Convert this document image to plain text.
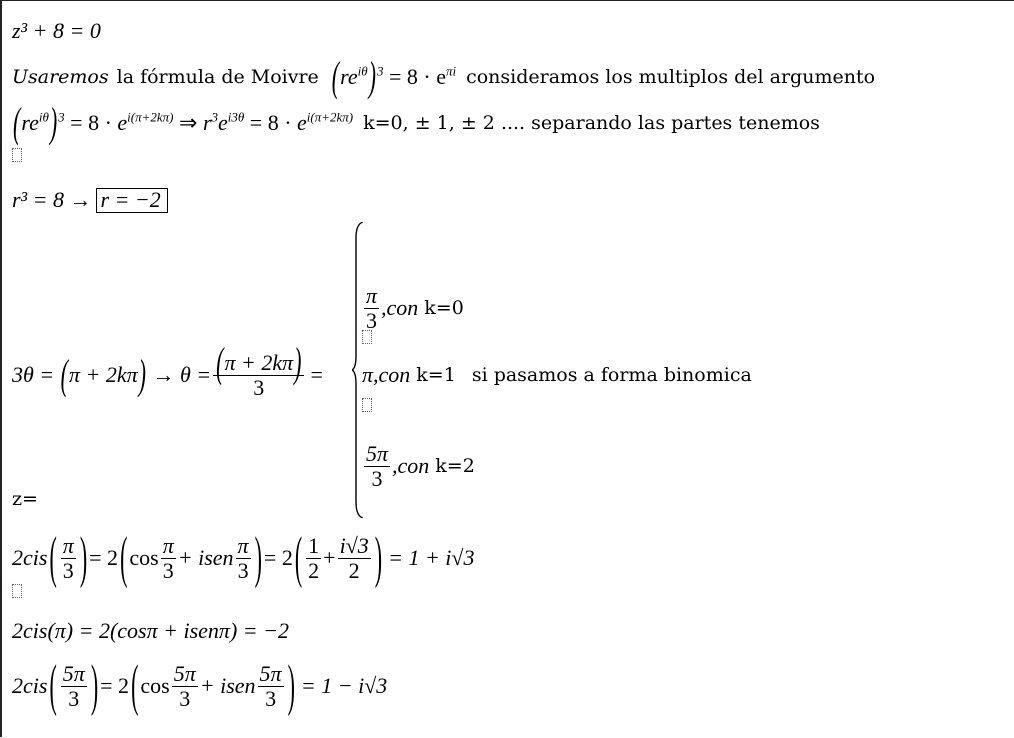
z³ + 8 = 0
Usaremos la fórmula de Moivre $(re^{i\theta})^3 = 8 \cdot e^{\pi i}$ consideramos los multiplos del argumento
$(re^{i\theta})^3 = 8 \cdot e^{i(\pi+2k\pi)}$ ⇒ $r^3e^{i3\theta} = 8 \cdot e^{i(\pi+2k\pi)}$ k=0, ± 1, ± 2 .... separando las partes tenemos
r³ = 8 → r = −2
$3\theta = (\pi + 2k\pi) \to \theta = \frac{(\pi + 2k\pi)}{3}$ =
$\frac{\pi}{3} ,con$ k=0
π,con k=1 si pasamos a forma binomica
$\frac{5\pi}{3} ,con$ k=2
z=
2cis ( $\frac{\pi}{3}$ ) = 2 ( $\cos \frac{\pi}{3}$ + isen $\frac{\pi}{3}$ ) = 2 ( $\frac{1}{2} + \frac{i√3}{2}$ ) = 1 + i√3
2cis(π) = 2(cosπ + isenπ) = −2
2cis ( $\frac{5\pi}{3}$ ) = 2 ( $\cos \frac{5\pi}{3}$ + isen $\frac{5\pi}{3}$ ) = 1 − i√3
